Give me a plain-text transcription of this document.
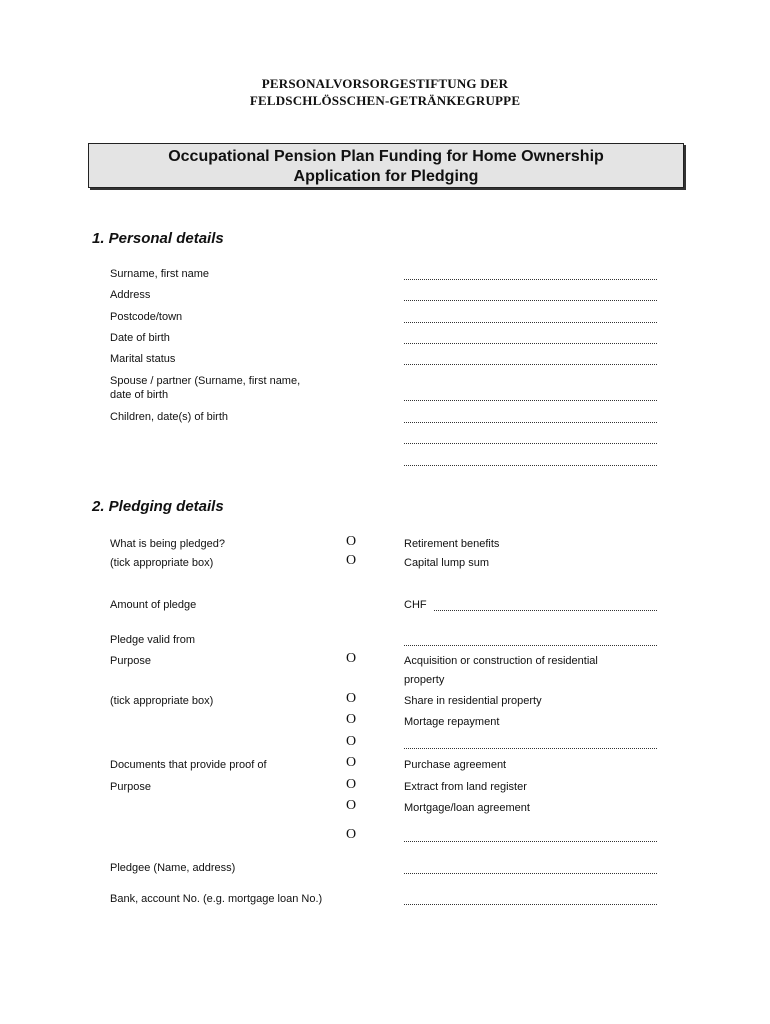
PERSONALVORSORGESTIFTUNG DER
FELDSCHLÖSSCHEN-GETRÄNKEGRUPPE
Occupational Pension Plan Funding for Home Ownership
Application for Pledging
1. Personal details
Surname, first name
Address
Postcode/town
Date of birth
Marital status
Spouse / partner (Surname, first name,
date of birth
Children, date(s) of birth
2. Pledging details
What is being pledged?	O	Retirement benefits
(tick appropriate box)	O	Capital lump sum
Amount of pledge	CHF
Pledge valid from
Purpose	O	Acquisition or construction of residential
property
(tick appropriate box)	O	Share in residential property
O	Mortage repayment
O
Documents that provide proof of	O	Purchase agreement
Purpose	O	Extract from land register
O	Mortgage/loan agreement
O
Pledgee (Name, address)
Bank, account No. (e.g. mortgage loan No.)
